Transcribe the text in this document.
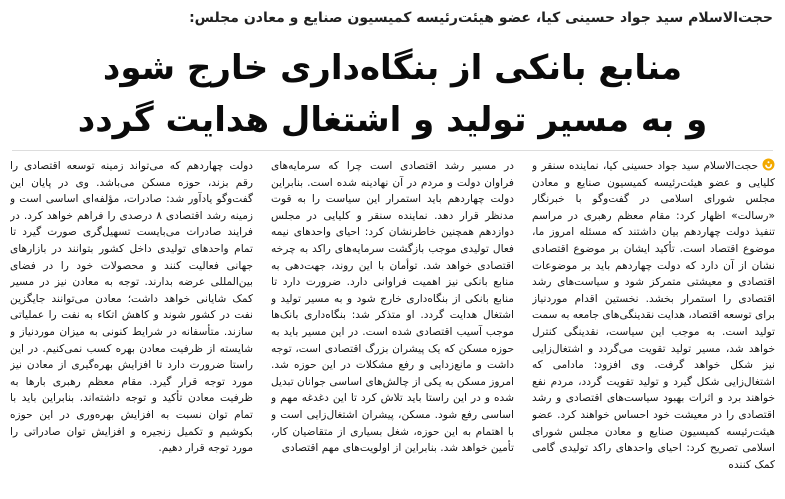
حجت‌الاسلام سید جواد حسینی کیا، عضو هیئت‌رئیسه کمیسیون صنایع و معادن مجلس:
منابع بانکی از بنگاه‌داری خارج شود
و به مسیر تولید و اشتغال هدایت گردد

حجت‌الاسلام سید جواد حسینی کیا، نماینده سنقر و کلیایی و عضو هیئت‌رئیسه کمیسیون صنایع و معادن مجلس شورای اسلامی در گفت‌وگو با خبرنگار «رسالت» اظهار کرد: مقام معظم رهبری در مراسم تنفیذ دولت چهاردهم بیان داشتند که مسئله امروز ما، موضوع اقتصاد است. تأکید ایشان بر موضوع اقتصادی نشان از آن دارد که دولت چهاردهم باید بر موضوعات اقتصادی و معیشتی متمرکز شود و سیاست‌های رشد اقتصادی را استمرار بخشد. نخستین اقدام موردنیاز برای توسعه اقتصاد، هدایت نقدینگی‌های جامعه به سمت تولید است. به موجب این سیاست، نقدینگی کنترل خواهد شد، مسیر تولید تقویت می‌گردد و اشتغال‌زایی نیز شکل خواهد گرفت. وی افزود: مادامی که اشتغال‌زایی شکل گیرد و تولید تقویت گردد، مردم نفع خواهند برد و اثرات بهبود سیاست‌های اقتصادی و رشد اقتصادی را در معیشت خود احساس خواهند کرد. عضو هیئت‌رئیسه کمیسیون صنایع و معادن مجلس شورای اسلامی تصریح کرد: احیای واحدهای راکد تولیدی گامی کمک کننده

در مسیر رشد اقتصادی است چرا که سرمایه‌های فراوان دولت و مردم در آن نهادینه شده است. بنابراین دولت چهاردهم باید استمرار این سیاست را به قوت مدنظر قرار دهد. نماینده سنقر و کلیایی در مجلس دوازدهم همچنین خاطرنشان کرد: احیای واحدهای نیمه فعال تولیدی موجب بازگشت سرمایه‌های راکد به چرخه اقتصادی خواهد شد. تو‌أمان با این روند، جهت‌دهی به منابع بانکی نیز اهمیت فراوانی دارد. ضرورت دارد تا منابع بانکی از بنگاه‌داری خارج شود و به مسیر تولید و اشتغال هدایت گردد. او متذکر شد: بنگاه‌داری بانک‌ها موجب آسیب اقتصادی شده است. در این مسیر باید به حوزه مسکن که یک پیشران بزرگ اقتصادی است، توجه داشت و مانع‌زدایی و رفع مشکلات در این حوزه شد. امروز مسکن به یکی از چالش‌های اساسی جوانان تبدیل شده و در این راستا باید تلاش کرد تا این دغدغه مهم و اساسی رفع شود. مسکن، پیشران اشتغال‌زایی است و با اهتمام به این حوزه، شغل بسیاری از متقاضیان کار، تأمین خواهد شد. بنابراین از اولویت‌های مهم اقتصادی

دولت چهاردهم که می‌تواند زمینه توسعه اقتصادی را رقم بزند، حوزه مسکن می‌باشد. وی در پایان این گفت‌وگو یادآور شد: صادرات، مؤلفه‌ای اساسی است و زمینه رشد اقتصادی ۸ درصدی را فراهم خواهد کرد. در فرایند صادرات می‌بایست تسهیل‌گری صورت گیرد تا تمام واحدهای تولیدی داخل کشور بتوانند در بازارهای جهانی فعالیت کنند و محصولات خود را در فضای بین‌المللی عرضه بدارند. توجه به معادن نیز در مسیر کمک شایانی خواهد داشت؛ معادن می‌توانند جایگزین نفت در کشور شوند و کاهش اتکاء به نفت را عملیاتی سازند. متأسفانه در شرایط کنونی به میزان موردنیاز و شایسته از ظرفیت معادن بهره کسب نمی‌کنیم. در این راستا ضرورت دارد تا افزایش بهره‌گیری از معادن نیز مورد توجه قرار گیرد. مقام معظم رهبری بارها به ظرفیت معادن تأکید و توجه داشته‌اند. بنابراین باید با تمام توان نسبت به افزایش بهره‌وری در این حوزه بکوشیم و تکمیل زنجیره و افزایش توان صادراتی را مورد توجه قرار دهیم.
